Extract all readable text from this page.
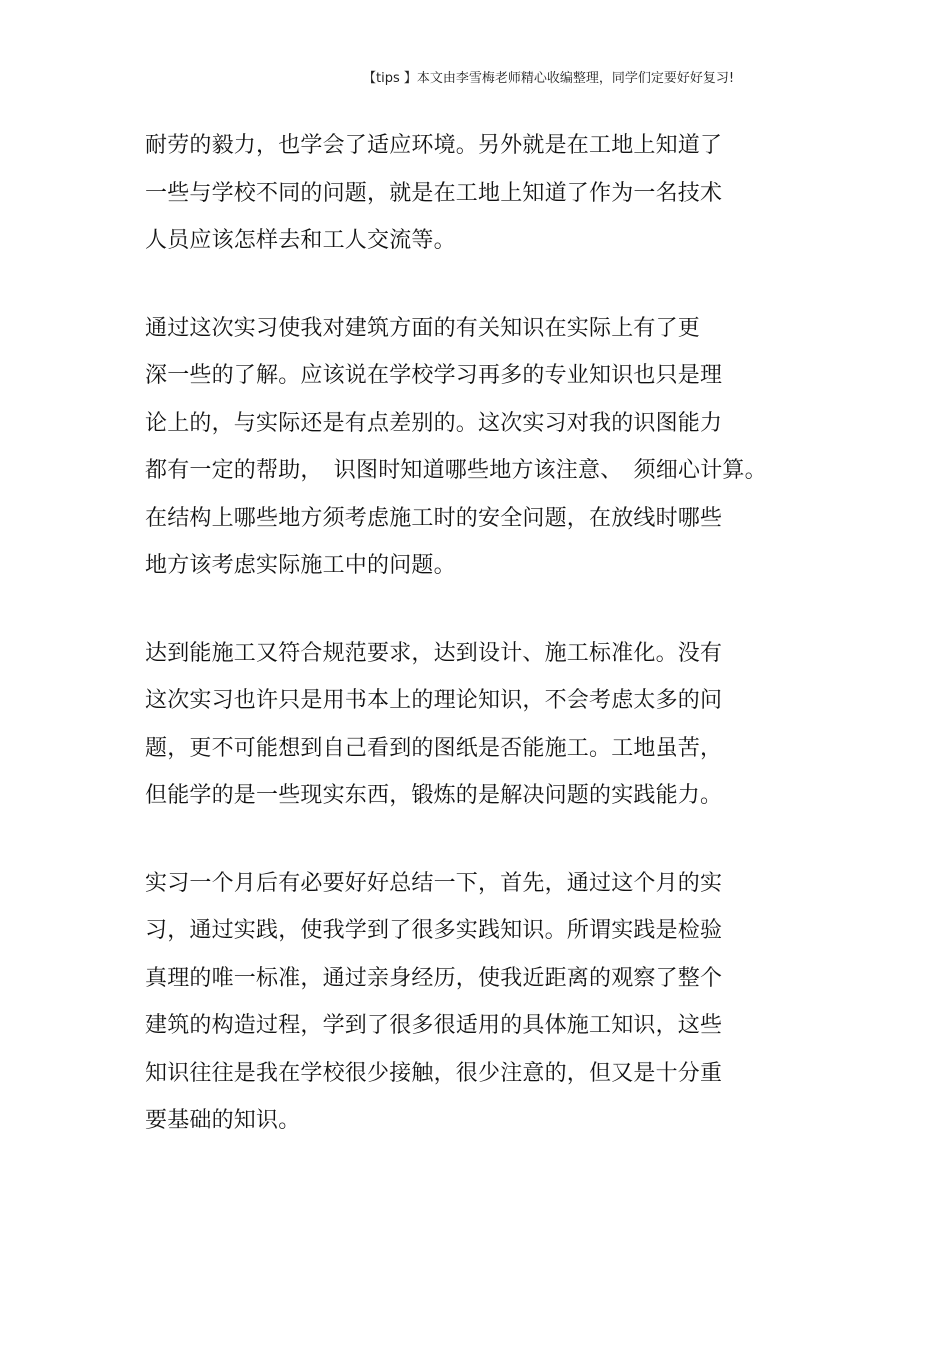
【tips 】本文由李雪梅老师精心收编整理，同学们定要好好复习!
耐劳的毅力，也学会了适应环境。另外就是在工地上知道了
一些与学校不同的问题，就是在工地上知道了作为一名技术
人员应该怎样去和工人交流等。
通过这次实习使我对建筑方面的有关知识在实际上有了更
深一些的了解。应该说在学校学习再多的专业知识也只是理
论上的，与实际还是有点差别的。这次实习对我的识图能力
都有一定的帮助，　识图时知道哪些地方该注意、　须细心计算。
在结构上哪些地方须考虑施工时的安全问题，在放线时哪些
地方该考虑实际施工中的问题。
达到能施工又符合规范要求，达到设计、施工标准化。没有
这次实习也许只是用书本上的理论知识，不会考虑太多的问
题，更不可能想到自己看到的图纸是否能施工。工地虽苦，
但能学的是一些现实东西，锻炼的是解决问题的实践能力。
实习一个月后有必要好好总结一下，首先，通过这个月的实
习，通过实践，使我学到了很多实践知识。所谓实践是检验
真理的唯一标准，通过亲身经历，使我近距离的观察了整个
建筑的构造过程，学到了很多很适用的具体施工知识，这些
知识往往是我在学校很少接触，很少注意的，但又是十分重
要基础的知识。
